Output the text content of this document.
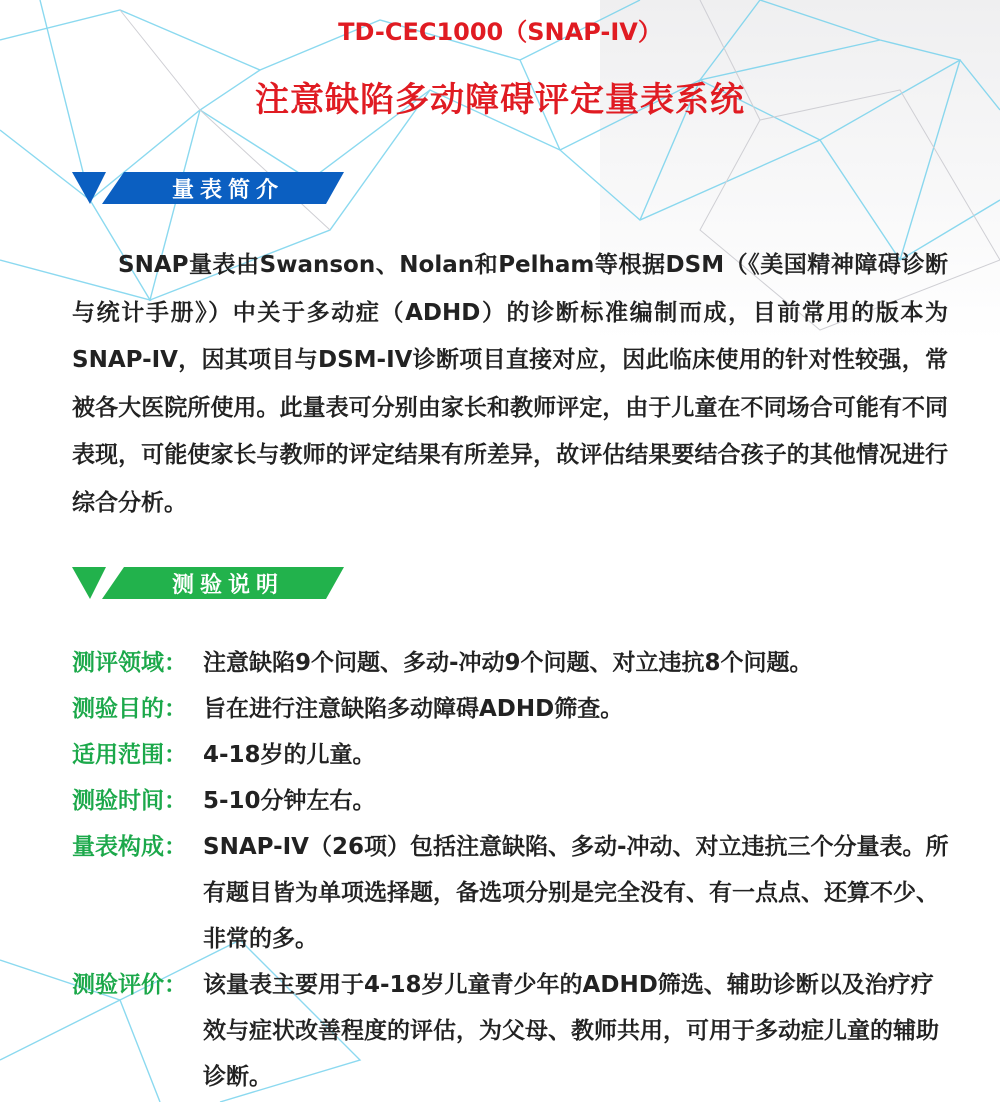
TD-CEC1000（SNAP-IV）
注意缺陷多动障碍评定量表系统
量表简介
SNAP量表由Swanson、Nolan和Pelham等根据DSM（《美国精神障碍诊断与统计手册》）中关于多动症（ADHD）的诊断标准编制而成，目前常用的版本为SNAP-IV，因其项目与DSM-IV诊断项目直接对应，因此临床使用的针对性较强，常被各大医院所使用。此量表可分别由家长和教师评定，由于儿童在不同场合可能有不同表现，可能使家长与教师的评定结果有所差异，故评估结果要结合孩子的其他情况进行综合分析。
测验说明
测评领域： 注意缺陷9个问题、多动-冲动9个问题、对立违抗8个问题。
测验目的： 旨在进行注意缺陷多动障碍ADHD筛查。
适用范围： 4-18岁的儿童。
测验时间： 5-10分钟左右。
量表构成： SNAP-IV（26项）包括注意缺陷、多动-冲动、对立违抗三个分量表。所有题目皆为单项选择题，备选项分别是完全没有、有一点点、还算不少、非常的多。
测验评价： 该量表主要用于4-18岁儿童青少年的ADHD筛选、辅助诊断以及治疗疗效与症状改善程度的评估，为父母、教师共用，可用于多动症儿童的辅助诊断。
